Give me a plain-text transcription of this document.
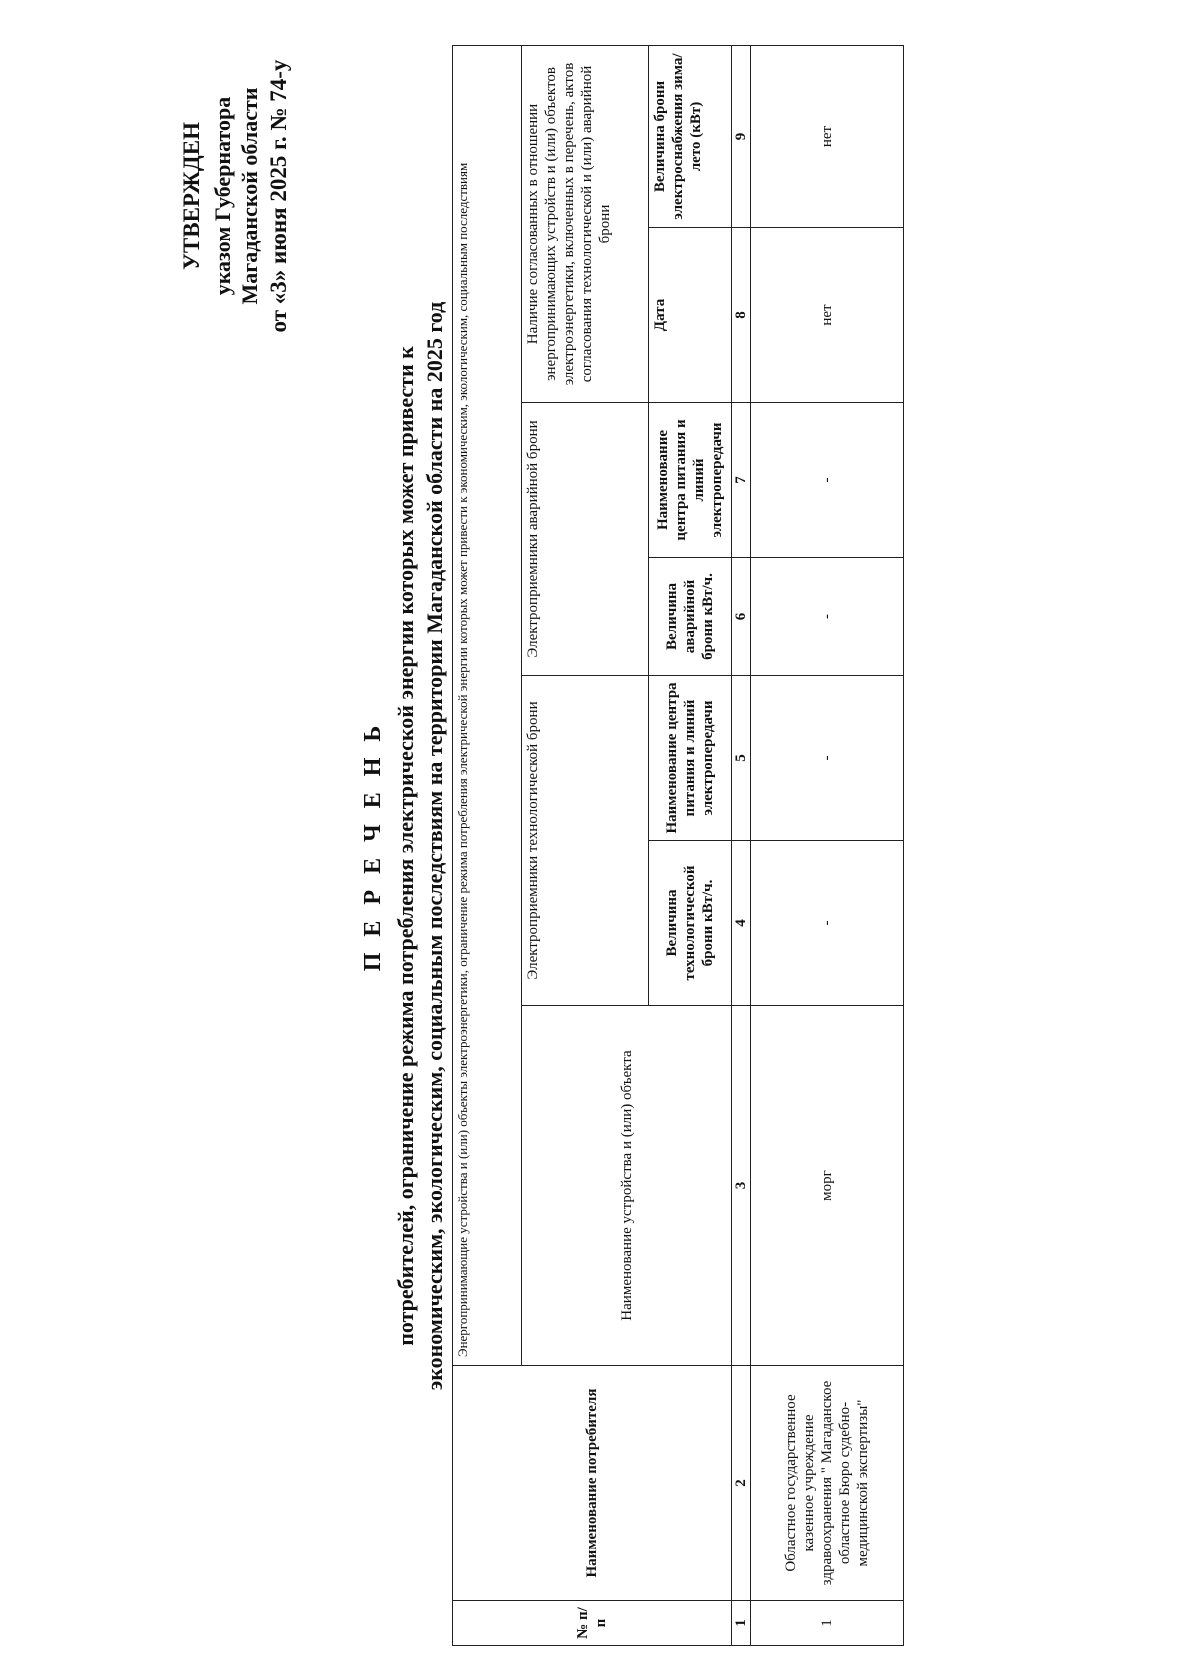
УТВЕРЖДЕН указом Губернатора Магаданской области от «3» июня 2025 г. № 74-у
П Е Р Е Ч Е Н Ь потребителей, ограничение режима потребления электрической энергии которых может привести к экономическим, экологическим, социальным последствиям на территории Магаданской области на 2025 год
№ п/п	Наименование потребителя	Энергопринимающие устройства и (или) объекты электроэнергетики, ограничение режима потребления электрической энергии которых может привести к экономическим, экологическим, социальным последствиям						
		Наименование устройства и (или) объекта	Электроприемники технологической брони		Электроприемники аварийной брони		Наличие согласованных в отношении энергопринимающих устройств и (или) объектов электроэнергетики, включенных в перечень, актов согласования технологической и (или) аварийной брони	
			Величина технологической брони кВт/ч.	Наименование центра питания и линий электропередачи	Величина аварийной брони кВт/ч.	Наименование центра питания и линий электропередачи	Дата	Величина брони электроснабжения зима/лето (кВт)
1	2	3	4	5	6	7	8	9
1	Областное государственное казенное учреждение здравоохранения " Магаданское областное Бюро судебно-медицинской экспертизы"	морг	-	-	-	-	нет	нет
